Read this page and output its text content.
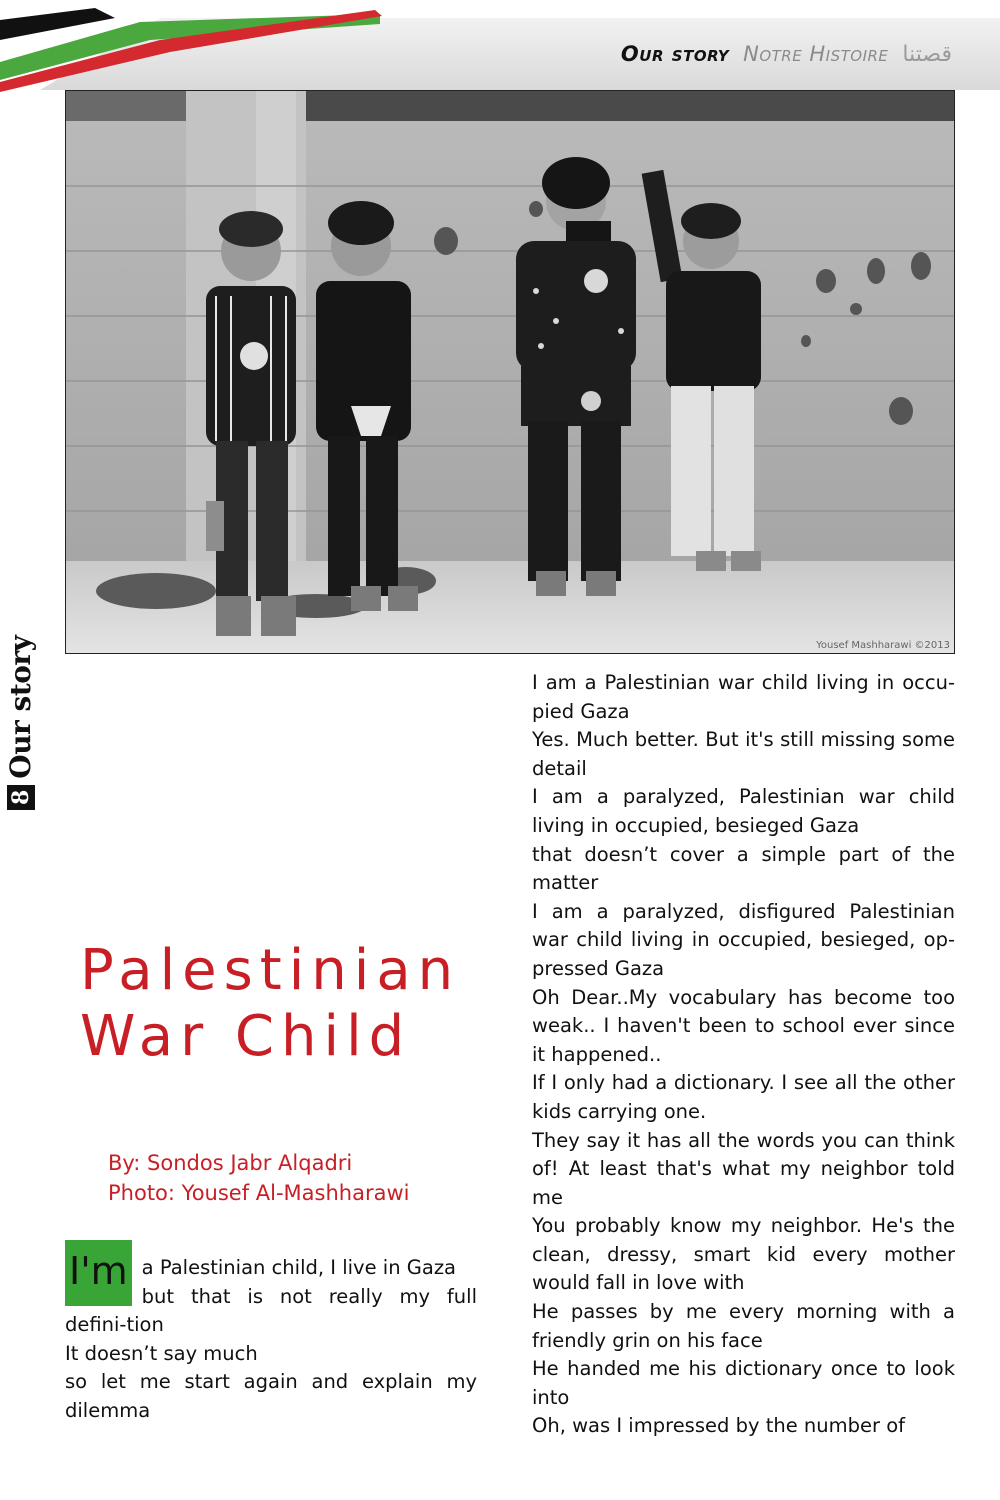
Our story Notre Histoire قصتنا
Yousef Mashharawi ©2013
8
Our story
Palestinian
War Child
By: Sondos Jabr Alqadri
Photo: Yousef Al-Mashharawi
I'm a Palestinian child, I live in Gaza

but that is not really my full defini-tion

It doesn’t say much

so let me start again and explain my dilemma

I am a Palestinian war child living in occu-pied Gaza

Yes. Much better. But it's still missing some detail

I am a paralyzed, Palestinian war child living in occupied, besieged Gaza

that doesn’t cover a simple part of the matter

I am a paralyzed, disfigured Palestinian war child living in occupied, besieged, op-pressed Gaza

Oh Dear..My vocabulary has become too weak.. I haven't been to school ever since it happened..

If I only had a dictionary. I see all the other kids carrying one.

They say it has all the words you can think of! At least that's what my neighbor told me

You probably know my neighbor. He's the clean, dressy, smart kid every mother would fall in love with

He passes by me every morning with a friendly grin on his face

He handed me his dictionary once to look into

Oh, was I impressed by the number of
